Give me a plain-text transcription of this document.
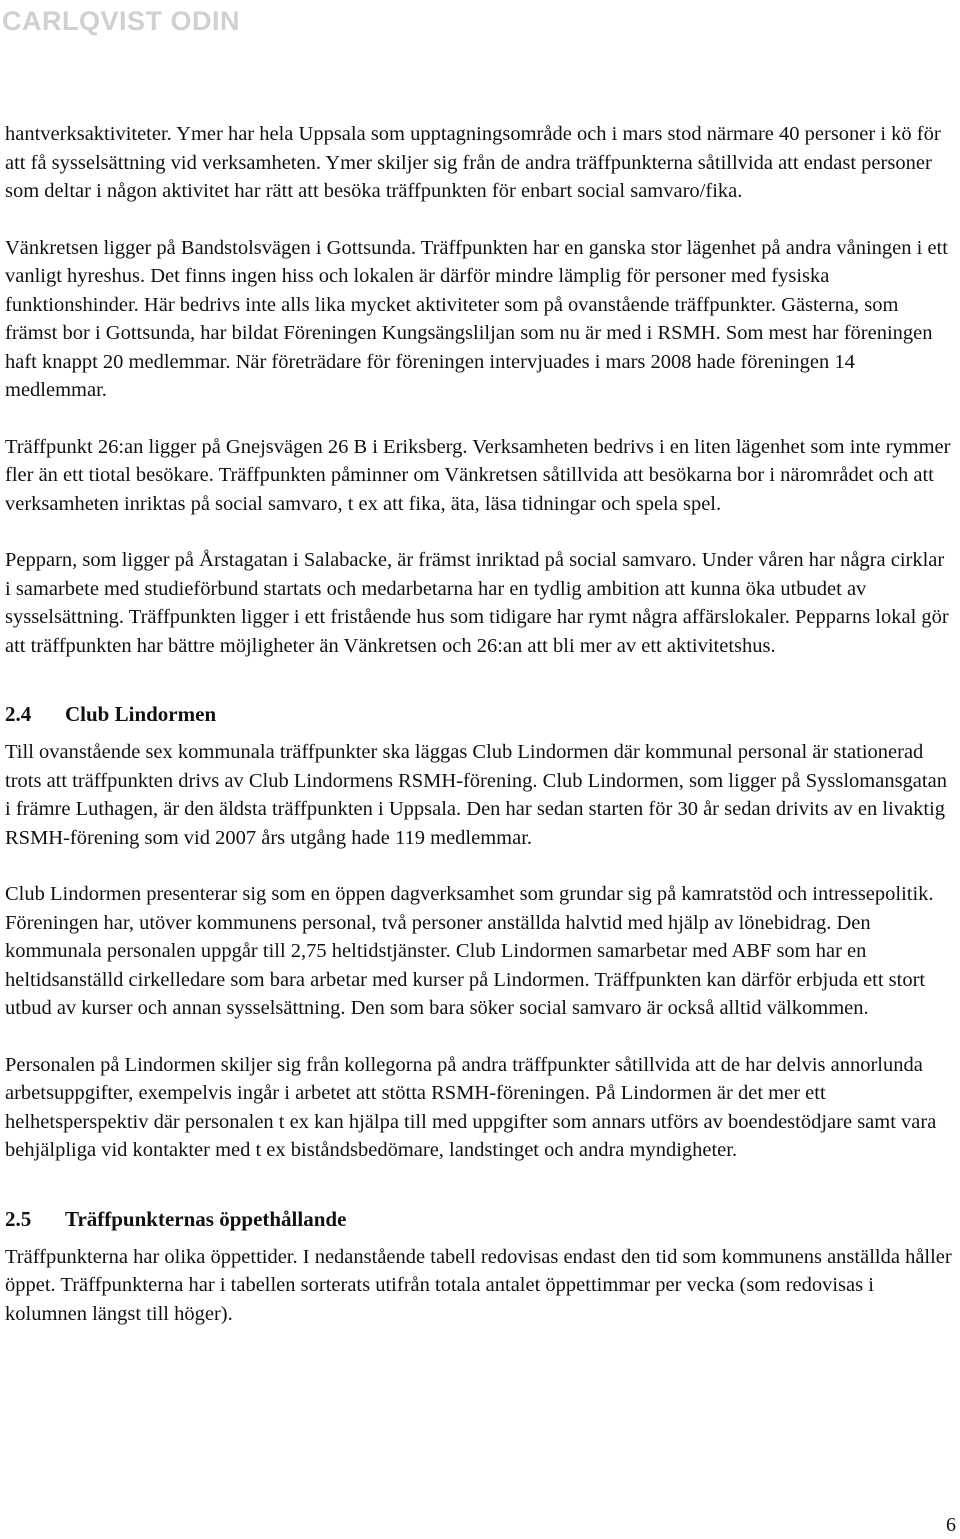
CARLQVIST ODIN

hantverksaktiviteter. Ymer har hela Uppsala som upptagningsområde och i mars stod närmare 40 personer i kö för att få sysselsättning vid verksamheten. Ymer skiljer sig från de andra träffpunkterna såtillvida att endast personer som deltar i någon aktivitet har rätt att besöka träffpunkten för enbart social samvaro/fika.

Vänkretsen ligger på Bandstolsvägen i Gottsunda. Träffpunkten har en ganska stor lägenhet på andra våningen i ett vanligt hyreshus. Det finns ingen hiss och lokalen är därför mindre lämplig för personer med fysiska funktionshinder. Här bedrivs inte alls lika mycket aktiviteter som på ovanstående träffpunkter. Gästerna, som främst bor i Gottsunda, har bildat Föreningen Kungsängsliljan som nu är med i RSMH. Som mest har föreningen haft knappt 20 medlemmar. När företrädare för föreningen intervjuades i mars 2008 hade föreningen 14 medlemmar.

Träffpunkt 26:an ligger på Gnejsvägen 26 B i Eriksberg. Verksamheten bedrivs i en liten lägenhet som inte rymmer fler än ett tiotal besökare. Träffpunkten påminner om Vänkretsen såtillvida att besökarna bor i närområdet och att verksamheten inriktas på social samvaro, t ex att fika, äta, läsa tidningar och spela spel.

Pepparn, som ligger på Årstagatan i Salabacke, är främst inriktad på social samvaro. Under våren har några cirklar i samarbete med studieförbund startats och medarbetarna har en tydlig ambition att kunna öka utbudet av sysselsättning. Träffpunkten ligger i ett fristående hus som tidigare har rymt några affärslokaler. Pepparns lokal gör att träffpunkten har bättre möjligheter än Vänkretsen och 26:an att bli mer av ett aktivitetshus.

2.4 Club Lindormen

Till ovanstående sex kommunala träffpunkter ska läggas Club Lindormen där kommunal personal är stationerad trots att träffpunkten drivs av Club Lindormens RSMH-förening. Club Lindormen, som ligger på Sysslomansgatan i främre Luthagen, är den äldsta träffpunkten i Uppsala. Den har sedan starten för 30 år sedan drivits av en livaktig RSMH-förening som vid 2007 års utgång hade 119 medlemmar.

Club Lindormen presenterar sig som en öppen dagverksamhet som grundar sig på kamratstöd och intressepolitik. Föreningen har, utöver kommunens personal, två personer anställda halvtid med hjälp av lönebidrag. Den kommunala personalen uppgår till 2,75 heltidstjänster. Club Lindormen samarbetar med ABF som har en heltidsanställd cirkelledare som bara arbetar med kurser på Lindormen. Träffpunkten kan därför erbjuda ett stort utbud av kurser och annan sysselsättning. Den som bara söker social samvaro är också alltid välkommen.

Personalen på Lindormen skiljer sig från kollegorna på andra träffpunkter såtillvida att de har delvis annorlunda arbetsuppgifter, exempelvis ingår i arbetet att stötta RSMH-föreningen. På Lindormen är det mer ett helhetsperspektiv där personalen t ex kan hjälpa till med uppgifter som annars utförs av boendestödjare samt vara behjälpliga vid kontakter med t ex biståndsbedömare, landstinget och andra myndigheter.

2.5 Träffpunkternas öppethållande

Träffpunkterna har olika öppettider. I nedanstående tabell redovisas endast den tid som kommunens anställda håller öppet. Träffpunkterna har i tabellen sorterats utifrån totala antalet öppettimmar per vecka (som redovisas i kolumnen längst till höger).

6
